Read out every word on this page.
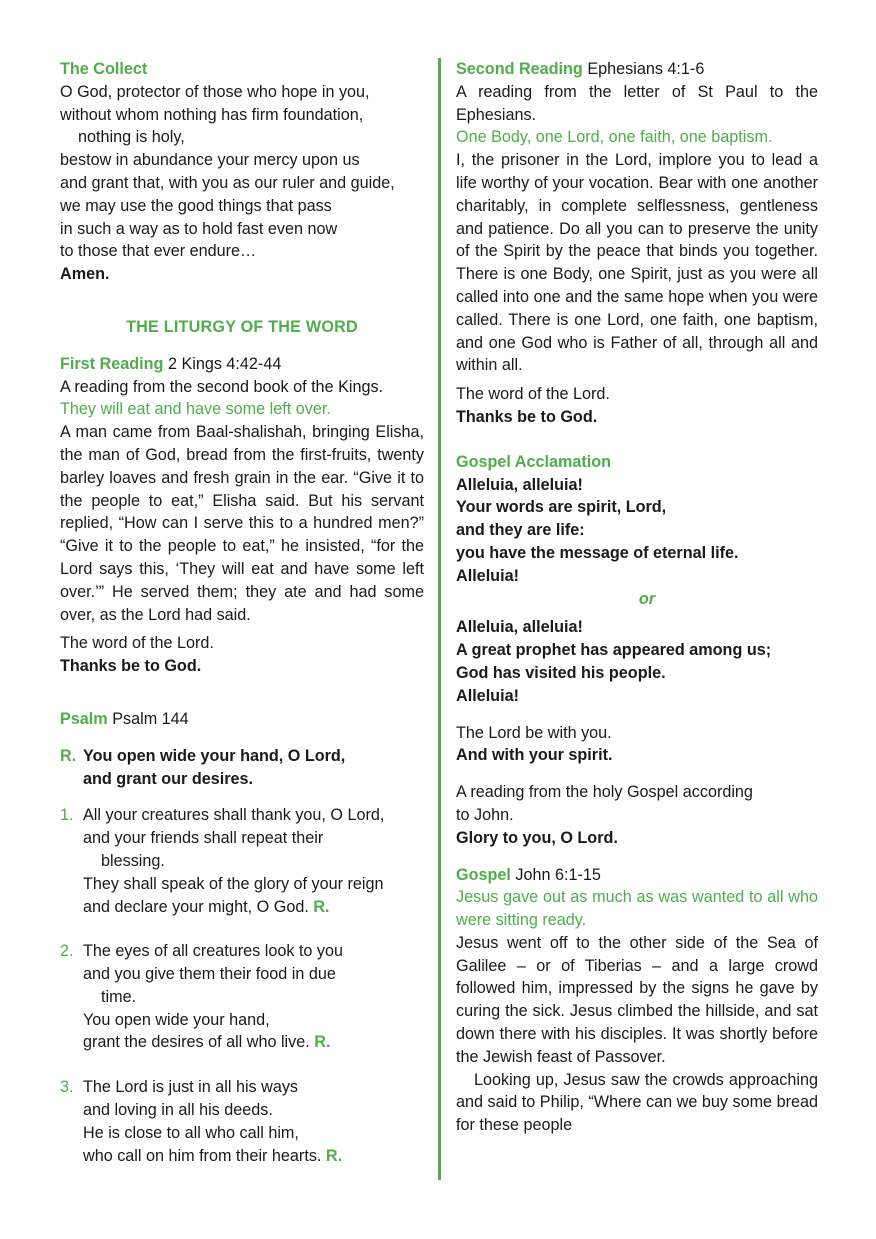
The Collect

O God, protector of those who hope in you,
without whom nothing has firm foundation,
nothing is holy,
bestow in abundance your mercy upon us
and grant that, with you as our ruler and guide,
we may use the good things that pass
in such a way as to hold fast even now
to those that ever endure…

Amen.

THE LITURGY OF THE WORD

First Reading 2 Kings 4:42-44

A reading from the second book of the Kings.

They will eat and have some left over.

A man came from Baal-shalishah, bringing Elisha, the man of God, bread from the first-fruits, twenty barley loaves and fresh grain in the ear. “Give it to the people to eat,” Elisha said. But his servant replied, “How can I serve this to a hundred men?” “Give it to the people to eat,” he insisted, “for the Lord says this, ‘They will eat and have some left over.’” He served them; they ate and had some over, as the Lord had said.

The word of the Lord.

Thanks be to God.

Psalm Psalm 144

R. You open wide your hand, O Lord,
and grant our desires.
1. All your creatures shall thank you, O Lord,
and your friends shall repeat their
blessing.
They shall speak of the glory of your reign
and declare your might, O God. R.
2. The eyes of all creatures look to you
and you give them their food in due
time.
You open wide your hand,
grant the desires of all who live. R.
3. The Lord is just in all his ways
and loving in all his deeds.
He is close to all who call him,
who call on him from their hearts. R.

Second Reading Ephesians 4:1-6

A reading from the letter of St Paul to the Ephesians.

One Body, one Lord, one faith, one baptism.

I, the prisoner in the Lord, implore you to lead a life worthy of your vocation. Bear with one another charitably, in complete selflessness, gentleness and patience. Do all you can to preserve the unity of the Spirit by the peace that binds you together. There is one Body, one Spirit, just as you were all called into one and the same hope when you were called. There is one Lord, one faith, one baptism, and one God who is Father of all, through all and within all.

The word of the Lord.

Thanks be to God.

Gospel Acclamation

Alleluia, alleluia!
Your words are spirit, Lord,
and they are life:
you have the message of eternal life.
Alleluia!

or

Alleluia, alleluia!
A great prophet has appeared among us;
God has visited his people.
Alleluia!

The Lord be with you.

And with your spirit.

A reading from the holy Gospel according
to John.

Glory to you, O Lord.

Gospel John 6:1-15

Jesus gave out as much as was wanted to all who were sitting ready.

Jesus went off to the other side of the Sea of Galilee – or of Tiberias – and a large crowd followed him, impressed by the signs he gave by curing the sick. Jesus climbed the hillside, and sat down there with his disciples. It was shortly before the Jewish feast of Passover.

Looking up, Jesus saw the crowds approaching and said to Philip, “Where can we buy some bread for these people
